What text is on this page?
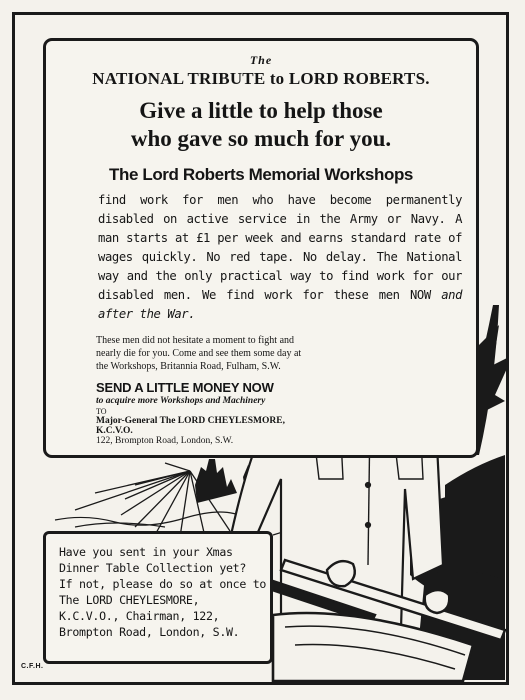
The
NATIONAL TRIBUTE to LORD ROBERTS.
Give a little to help those
who gave so much for you.
The Lord Roberts Memorial Workshops

find work for men who have become permanently disabled on active service in the Army or Navy. A man starts at £1 per week and earns standard rate of wages quickly. No red tape. No delay. The National way and the only practical way to find work for our disabled men. We find work for these men NOW and after the War.

These men did not hesitate a moment to fight and nearly die for you. Come and see them some day at the Workshops, Britannia Road, Fulham, S.W.

SEND A LITTLE MONEY NOW

to acquire more Workshops and Machinery

TO

Major-General The LORD CHEYLESMORE, K.C.V.O.

122, Brompton Road, London, S.W.

Have you sent in your Xmas

Dinner Table Collection yet?

If not, please do so at once to

The LORD CHEYLESMORE,

K.C.V.O., Chairman, 122,

Brompton Road, London, S.W.

C.F.H.
